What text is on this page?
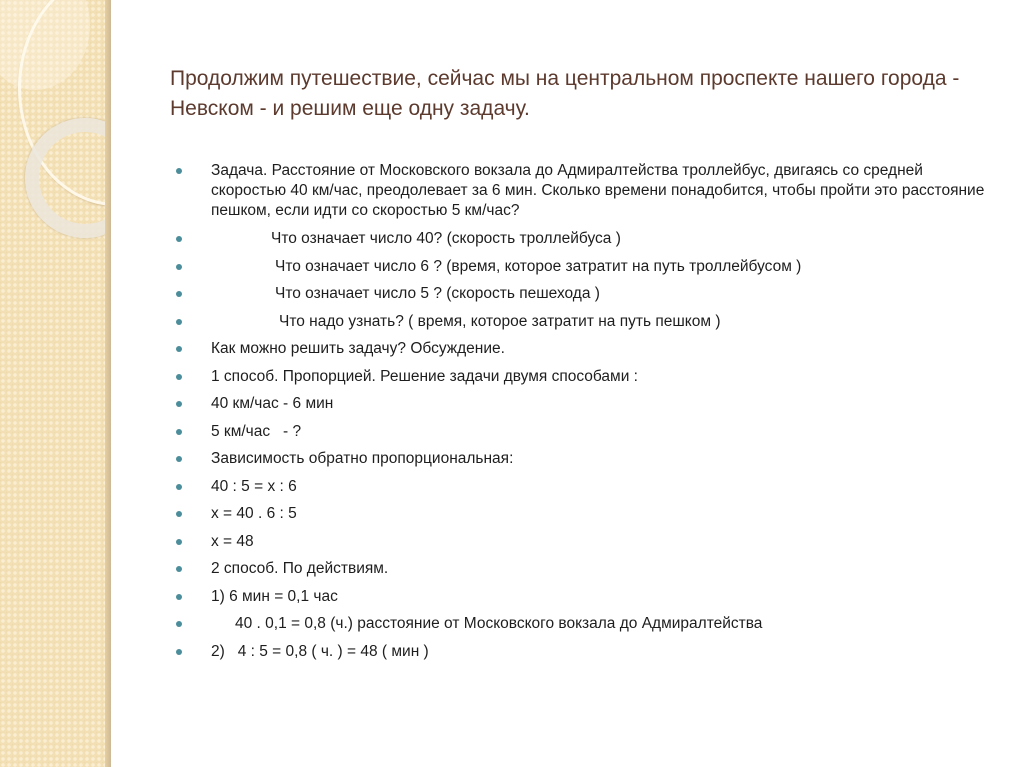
Продолжим путешествие, сейчас мы на центральном проспекте нашего города - Невском - и решим еще одну задачу.
Задача. Расстояние от Московского вокзала до Адмиралтейства троллейбус, двигаясь со средней скоростью 40 км/час, преодолевает за 6 мин. Сколько времени понадобится, чтобы пройти это расстояние пешком, если идти со скоростью 5 км/час?
Что означает число 40? (скорость троллейбуса )
Что означает число 6 ? (время, которое затратит на путь троллейбусом )
Что означает число 5 ? (скорость пешехода )
Что надо узнать? ( время, которое затратит на путь пешком )
Как можно решить задачу? Обсуждение.
1 способ. Пропорцией. Решение задачи двумя способами :
40 км/час - 6 мин
5 км/час   - ?
Зависимость обратно пропорциональная:
40 : 5 = x : 6
x = 40 . 6 : 5
x = 48
2 способ. По действиям.
1) 6 мин = 0,1 час
40 . 0,1 = 0,8 (ч.) расстояние от Московского вокзала до Адмиралтейства
2)   4 : 5 = 0,8 ( ч. ) = 48 ( мин )
